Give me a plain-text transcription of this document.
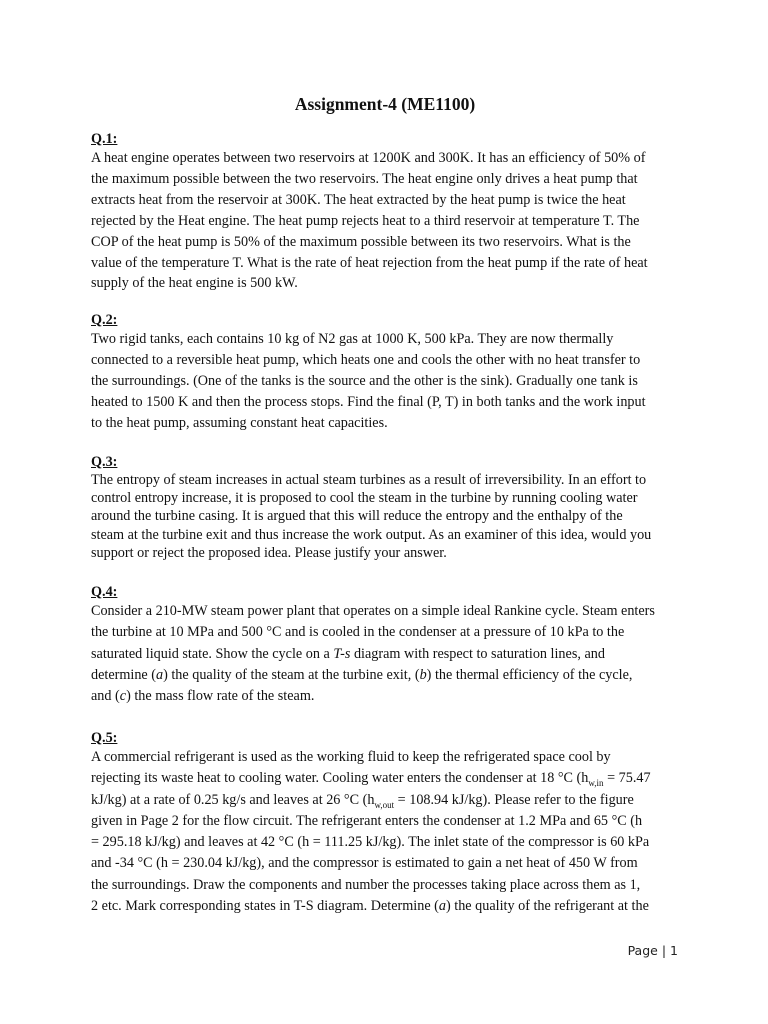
Assignment-4 (ME1100)

Q.1:

A heat engine operates between two reservoirs at 1200K and 300K. It has an efficiency of 50% of
the maximum possible between the two reservoirs. The heat engine only drives a heat pump that
extracts heat from the reservoir at 300K. The heat extracted by the heat pump is twice the heat
rejected by the Heat engine. The heat pump rejects heat to a third reservoir at temperature T. The
COP of the heat pump is 50% of the maximum possible between its two reservoirs. What is the
value of the temperature T. What is the rate of heat rejection from the heat pump if the rate of heat
supply of the heat engine is 500 kW.

Q.2:

Two rigid tanks, each contains 10 kg of N2 gas at 1000 K, 500 kPa. They are now thermally
connected to a reversible heat pump, which heats one and cools the other with no heat transfer to
the surroundings. (One of the tanks is the source and the other is the sink). Gradually one tank is
heated to 1500 K and then the process stops. Find the final (P, T) in both tanks and the work input
to the heat pump, assuming constant heat capacities.

Q.3:

The entropy of steam increases in actual steam turbines as a result of irreversibility. In an effort to
control entropy increase, it is proposed to cool the steam in the turbine by running cooling water
around the turbine casing. It is argued that this will reduce the entropy and the enthalpy of the
steam at the turbine exit and thus increase the work output. As an examiner of this idea, would you
support or reject the proposed idea. Please justify your answer.

Q.4:

Consider a 210-MW steam power plant that operates on a simple ideal Rankine cycle. Steam enters
the turbine at 10 MPa and 500 °C and is cooled in the condenser at a pressure of 10 kPa to the
saturated liquid state. Show the cycle on a T-s diagram with respect to saturation lines, and
determine (a) the quality of the steam at the turbine exit, (b) the thermal efficiency of the cycle,
and (c) the mass flow rate of the steam.

Q.5:

A commercial refrigerant is used as the working fluid to keep the refrigerated space cool by
rejecting its waste heat to cooling water. Cooling water enters the condenser at 18 °C ($h_{w,in} = 75.47$
kJ/kg) at a rate of 0.25 kg/s and leaves at 26 °C ($h_{w,out} = 108.94$ kJ/kg). Please refer to the figure
given in Page 2 for the flow circuit. The refrigerant enters the condenser at 1.2 MPa and 65 °C (h
= 295.18 kJ/kg) and leaves at 42 °C (h = 111.25 kJ/kg). The inlet state of the compressor is 60 kPa
and -34 °C (h = 230.04 kJ/kg), and the compressor is estimated to gain a net heat of 450 W from
the surroundings. Draw the components and number the processes taking place across them as 1,
2 etc. Mark corresponding states in T-S diagram. Determine (a) the quality of the refrigerant at the

Page | 1
